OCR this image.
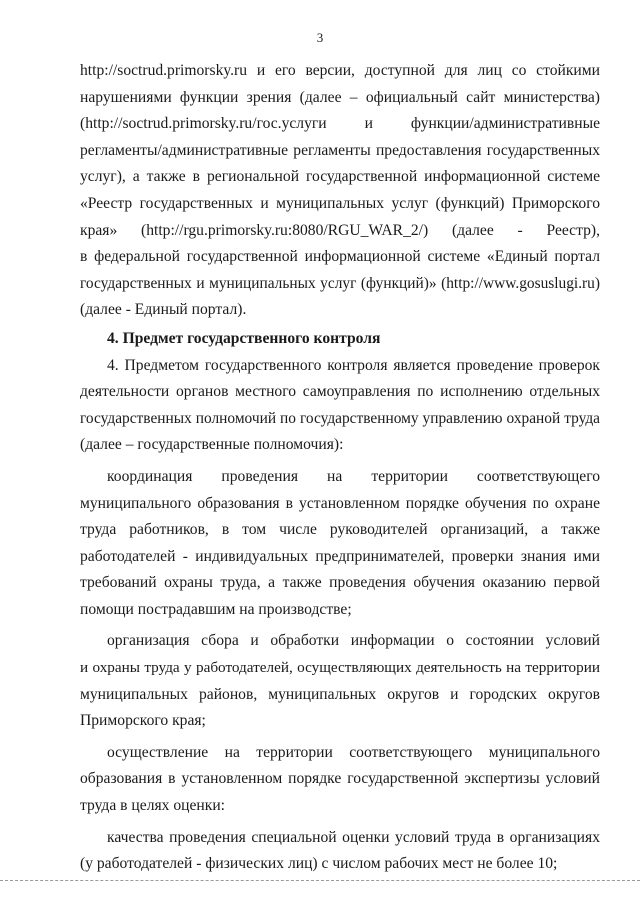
3
http://soctrud.primorsky.ru и его версии, доступной для лиц со стойкими
нарушениями функции зрения (далее – официальный сайт министерства)
(http://soctrud.primorsky.ru/гос.услуги и функции/административные
регламенты/административные регламенты предоставления государственных
услуг), а также в региональной государственной информационной системе
«Реестр государственных и муниципальных услуг (функций) Приморского
края» (http://rgu.primorsky.ru:8080/RGU_WAR_2/) (далее - Реестр),
в федеральной государственной информационной системе «Единый портал
государственных и муниципальных услуг (функций)» (http://www.gosuslugi.ru)
(далее - Единый портал).
4. Предмет государственного контроля
4. Предметом государственного контроля является проведение проверок
деятельности органов местного самоуправления по исполнению отдельных
государственных полномочий по государственному управлению охраной труда
(далее – государственные полномочия):
координация проведения на территории соответствующего
муниципального образования в установленном порядке обучения по охране
труда работников, в том числе руководителей организаций, а также
работодателей - индивидуальных предпринимателей, проверки знания ими
требований охраны труда, а также проведения обучения оказанию первой
помощи пострадавшим на производстве;
организация сбора и обработки информации о состоянии условий
и охраны труда у работодателей, осуществляющих деятельность на территории
муниципальных районов, муниципальных округов и городских округов
Приморского края;
осуществление на территории соответствующего муниципального
образования в установленном порядке государственной экспертизы условий
труда в целях оценки:
качества проведения специальной оценки условий труда в организациях
(у работодателей - физических лиц) с числом рабочих мест не более 10;
